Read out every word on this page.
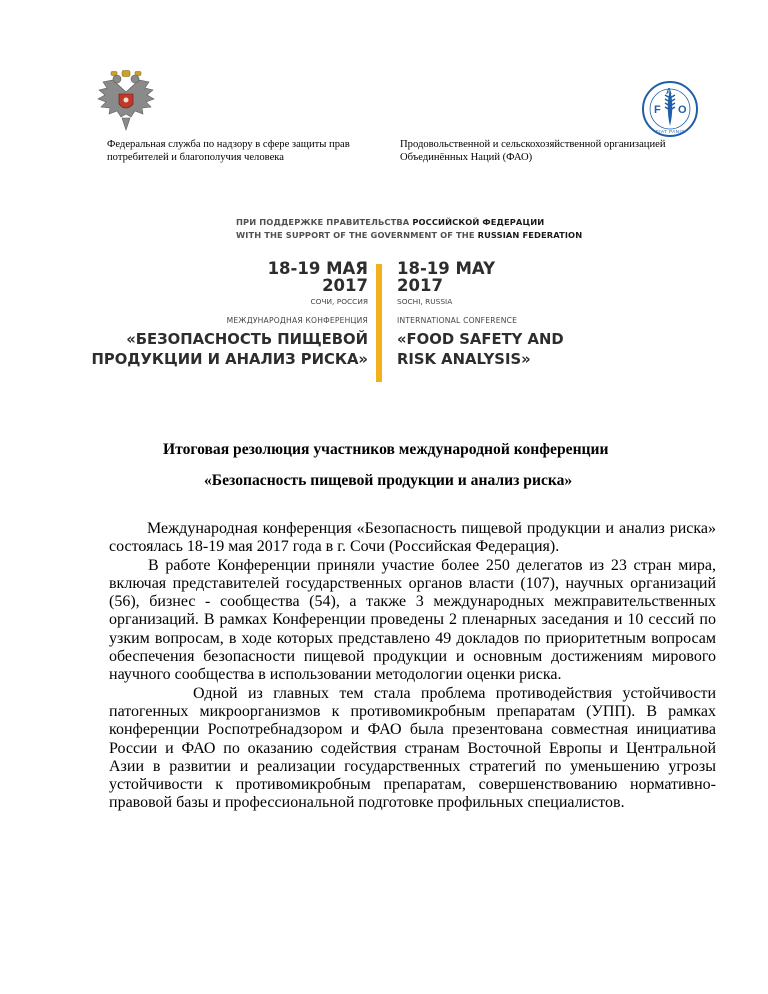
Федеральная служба по надзору в сфере защиты прав
потребителей и благополучия человека
F
A
O
FIAT PANIS
Продовольственной и сельскохозяйственной организацией
Объединённых Наций (ФАО)
ПРИ ПОДДЕРЖКЕ ПРАВИТЕЛЬСТВА РОССИЙСКОЙ ФЕДЕРАЦИИ
WITH THE SUPPORT OF THE GOVERNMENT OF THE RUSSIAN FEDERATION
18-19 МАЯ
2017
СОЧИ, РОССИЯ
МЕЖДУНАРОДНАЯ КОНФЕРЕНЦИЯ
«БЕЗОПАСНОСТЬ ПИЩЕВОЙ
ПРОДУКЦИИ И АНАЛИЗ РИСКА»
18-19 MAY
2017
SOCHI, RUSSIA
INTERNATIONAL CONFERENCE
«FOOD SAFETY AND
RISK ANALYSIS»
Итоговая резолюция участников международной конференции
«Безопасность пищевой продукции и анализ риска»

Международная конференция «Безопасность пищевой продукции и анализ риска» состоялась 18-19 мая 2017 года в г. Сочи (Российская Федерация).

В работе Конференции приняли участие более 250 делегатов из 23 стран мира, включая представителей государственных органов власти (107), научных организаций (56), бизнес - сообщества (54), а также 3 международных межправительственных организаций. В рамках Конференции проведены 2 пленарных заседания и 10 сессий по узким вопросам, в ходе которых представлено 49 докладов по приоритетным вопросам обеспечения безопасности пищевой продукции и основным достижениям мирового научного сообщества в использовании методологии оценки риска.

Одной из главных тем стала проблема противодействия устойчивости патогенных микроорганизмов к противомикробным препаратам (УПП). В рамках конференции Роспотребнадзором и ФАО была презентована совместная инициатива России и ФАО по оказанию содействия странам Восточной Европы и Центральной Азии в развитии и реализации государственных стратегий по уменьшению угрозы устойчивости к противомикробным препаратам, совершенствованию нормативно-правовой базы и профессиональной подготовке профильных специалистов.
